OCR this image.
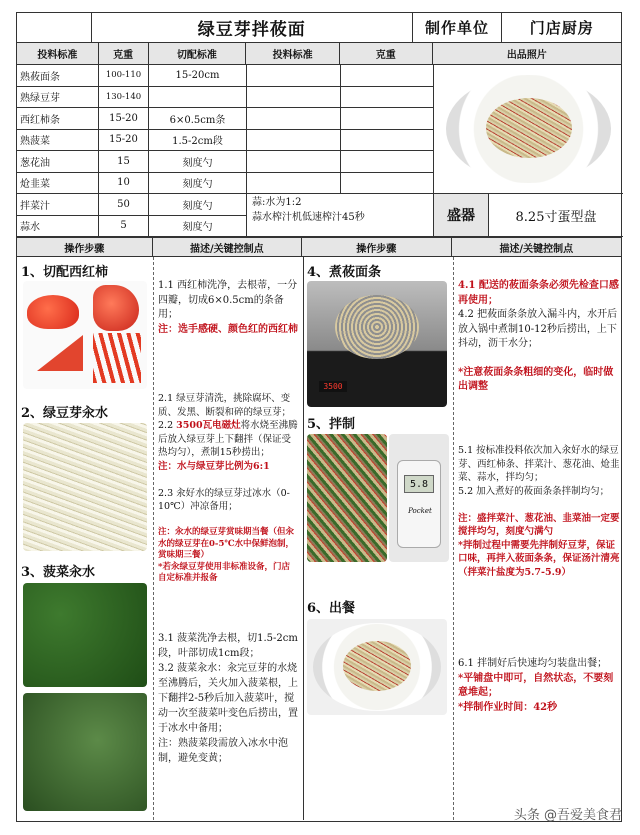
绿豆芽拌莜面	制作单位	门店厨房
投料标准	克重	切配标准	投料标准	克重	出品照片
熟莜面条	100-110	15-20cm
熟绿豆芽	130-140
西红柿条	15-20	6×0.5cm条
熟菠菜	15-20	1.5-2cm段
葱花油	15	刻度勺
炝韭菜	10	刻度勺
拌菜汁	50	刻度勺
蒜水	5	刻度勺
蒜:水为1:2
蒜水榨汁机低速榨汁45秒	盛器	8.25寸蛋型盘
操作步骤	描述/关键控制点	操作步骤	描述/关键控制点
1、切配西红柿
2、绿豆芽汆水
3、菠菜汆水
1.1 西红柿洗净，去根蒂，一分四瓣，切成6×0.5cm的条备用；
注：选手感硬、颜色红的西红柿

2.1 绿豆芽清洗，挑除腐坏、变质、发黑、断裂和碎的绿豆芽；
2.2 3500瓦电磁灶将水烧至沸腾后放入绿豆芽上下翻拌（保证受热均匀），煮制15秒捞出；

注：水与绿豆芽比例为6:1

2.3 汆好水的绿豆芽过冰水（0-10℃）冲凉备用；

注：汆水的绿豆芽赏味期当餐（但汆水的绿豆芽在0-5℃水中保鲜泡制，赏味期三餐）
*若汆绿豆芽使用非标准设备，门店自定标准并报备

3.1 菠菜洗净去根，切1.5-2cm段，叶部切成1cm段；
3.2 菠菜汆水：汆完豆芽的水烧至沸腾后，关火加入菠菜根，上下翻拌2-5秒后加入菠菜叶，搅动一次至菠菜叶变色后捞出，置于冰水中备用；
注：熟菠菜段需放入冰水中泡制，避免变黄；
4、煮莜面条
3500
4.1 配送的莜面条条必须先检查口感再使用；
4.2 把莜面条条放入漏斗内，水开后放入锅中煮制10-12秒后捞出，上下抖动，沥干水分；
*注意莜面条条粗细的变化，临时做出调整
5、拌制
5.8
Pocket

5.1 按标准投料依次加入汆好水的绿豆芽、西红柿条、拌菜汁、葱花油、炝韭菜、蒜水，拌均匀；
5.2 加入煮好的莜面条条拌制均匀；

注：盛拌菜汁、葱花油、韭菜油一定要搅拌均匀，刻度勺满勺
*拌制过程中需要先拌制好豆芽，保证口味，再拌入莜面条条，保证汤汁清亮（拌菜汁盐度为5.7-5.9）

6、出餐
6.1 拌制好后快速均匀装盘出餐；
*平铺盘中即可，自然状态，不要刻意堆起；
*拌制作业时间：42秒
头条 @吾爱美食君
